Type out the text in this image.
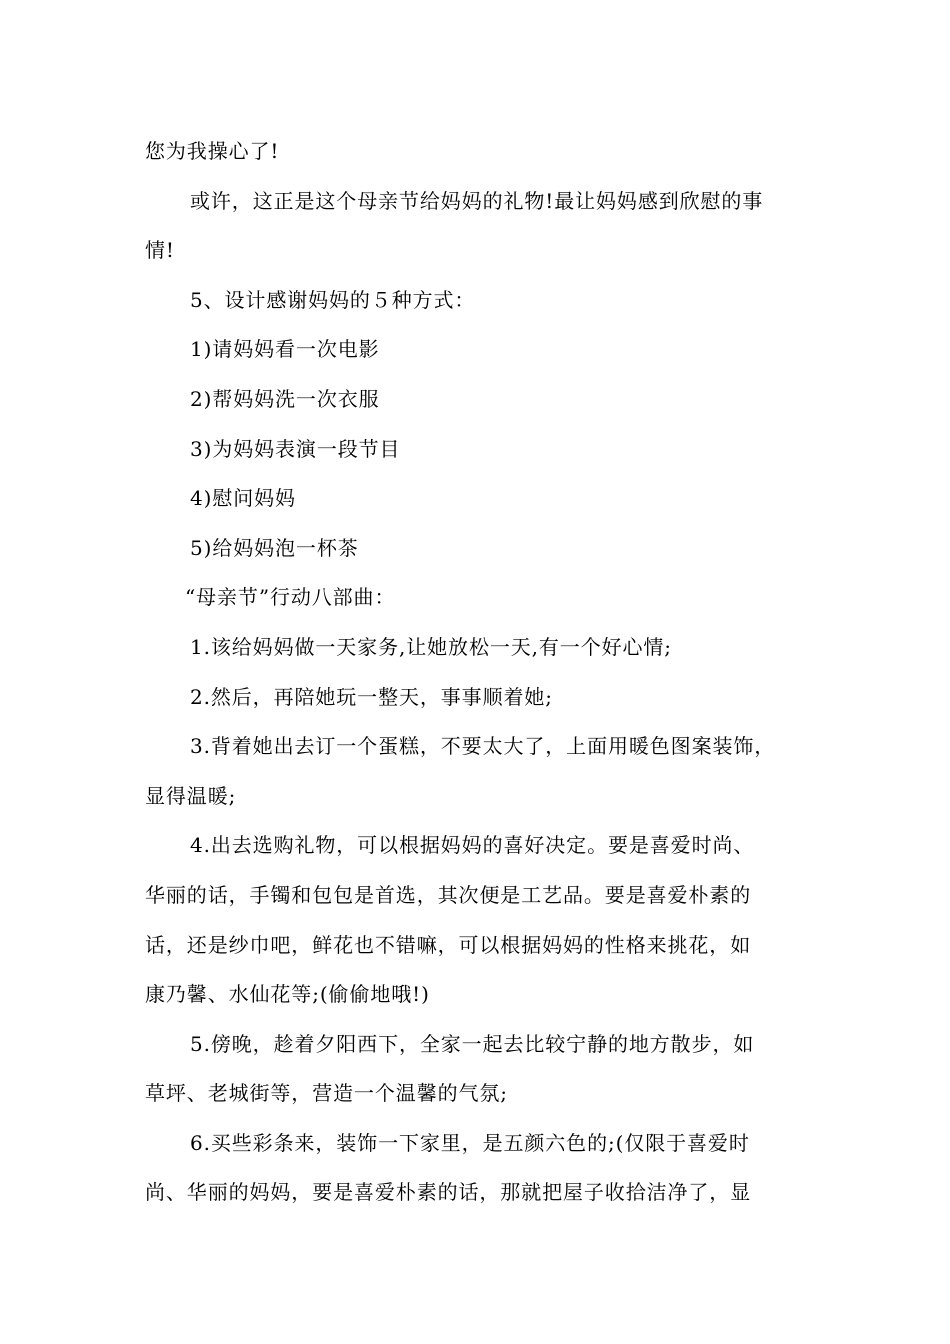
您为我操心了!
或许，这正是这个母亲节给妈妈的礼物!最让妈妈感到欣慰的事
情!
5、设计感谢妈妈的５种方式：
1)请妈妈看一次电影
2)帮妈妈洗一次衣服
3)为妈妈表演一段节目
4)慰问妈妈
5)给妈妈泡一杯茶
“母亲节”行动八部曲：
1.该给妈妈做一天家务,让她放松一天,有一个好心情;
2.然后，再陪她玩一整天，事事顺着她;
3.背着她出去订一个蛋糕，不要太大了，上面用暖色图案装饰，
显得温暖;
4.出去选购礼物，可以根据妈妈的喜好决定。要是喜爱时尚、
华丽的话，手镯和包包是首选，其次便是工艺品。要是喜爱朴素的
话，还是纱巾吧，鲜花也不错嘛，可以根据妈妈的性格来挑花，如
康乃馨、水仙花等;(偷偷地哦!)
5.傍晚，趁着夕阳西下，全家一起去比较宁静的地方散步，如
草坪、老城街等，营造一个温馨的气氛;
6.买些彩条来，装饰一下家里，是五颜六色的;(仅限于喜爱时
尚、华丽的妈妈，要是喜爱朴素的话，那就把屋子收拾洁净了，显
